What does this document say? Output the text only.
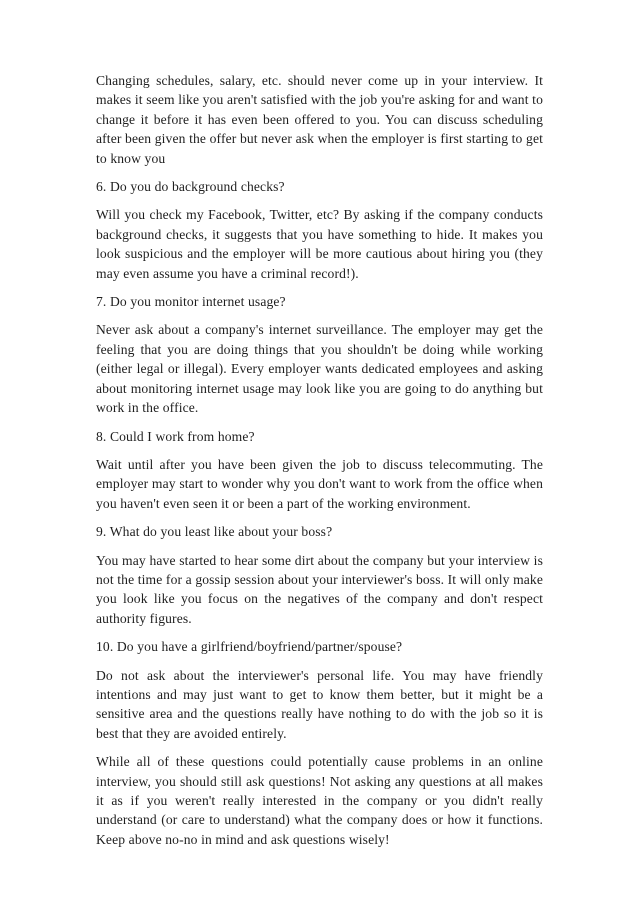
Changing schedules, salary, etc. should never come up in your interview. It makes it seem like you aren't satisfied with the job you're asking for and want to change it before it has even been offered to you. You can discuss scheduling after been given the offer but never ask when the employer is first starting to get to know you

6. Do you do background checks?

Will you check my Facebook, Twitter, etc? By asking if the company conducts background checks, it suggests that you have something to hide. It makes you look suspicious and the employer will be more cautious about hiring you (they may even assume you have a criminal record!).

7. Do you monitor internet usage?

Never ask about a company's internet surveillance. The employer may get the feeling that you are doing things that you shouldn't be doing while working (either legal or illegal). Every employer wants dedicated employees and asking about monitoring internet usage may look like you are going to do anything but work in the office.

8. Could I work from home?

Wait until after you have been given the job to discuss telecommuting. The employer may start to wonder why you don't want to work from the office when you haven't even seen it or been a part of the working environment.

9. What do you least like about your boss?

You may have started to hear some dirt about the company but your interview is not the time for a gossip session about your interviewer's boss. It will only make you look like you focus on the negatives of the company and don't respect authority figures.

10. Do you have a girlfriend/boyfriend/partner/spouse?

Do not ask about the interviewer's personal life. You may have friendly intentions and may just want to get to know them better, but it might be a sensitive area and the questions really have nothing to do with the job so it is best that they are avoided entirely.

While all of these questions could potentially cause problems in an online interview, you should still ask questions! Not asking any questions at all makes it as if you weren't really interested in the company or you didn't really understand (or care to understand) what the company does or how it functions. Keep above no-no in mind and ask questions wisely!
